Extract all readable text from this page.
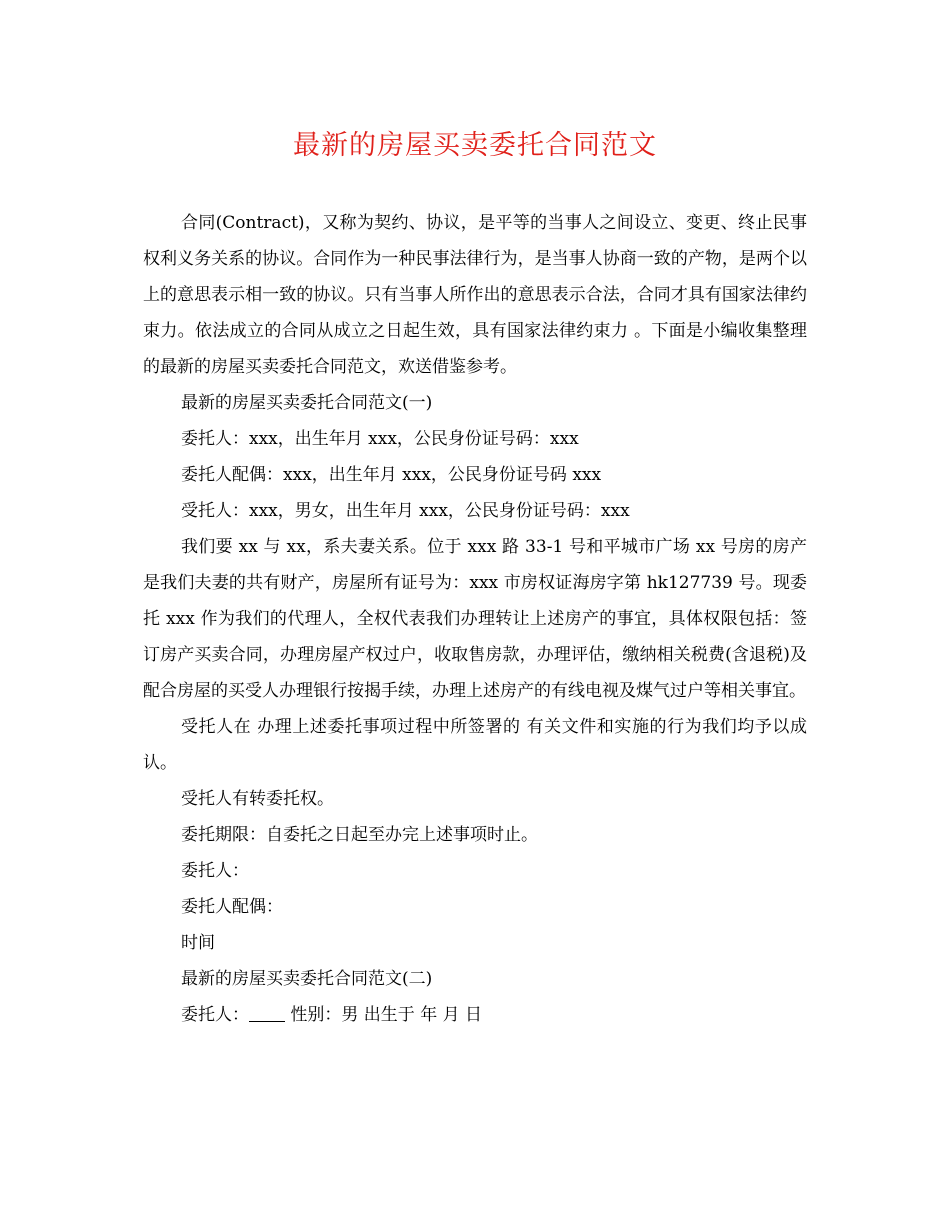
最新的房屋买卖委托合同范文

合同(Contract)，又称为契约、协议，是平等的当事人之间设立、变更、终止民事权利义务关系的协议。合同作为一种民事法律行为，是当事人协商一致的产物，是两个以上的意思表示相一致的协议。只有当事人所作出的意思表示合法，合同才具有国家法律约束力。依法成立的合同从成立之日起生效，具有国家法律约束力 。下面是小编收集整理的最新的房屋买卖委托合同范文，欢送借鉴参考。

最新的房屋买卖委托合同范文(一)

委托人：xxx，出生年月 xxx，公民身份证号码：xxx

委托人配偶：xxx，出生年月 xxx，公民身份证号码 xxx

受托人：xxx，男女，出生年月 xxx，公民身份证号码：xxx

我们要 xx 与 xx，系夫妻关系。位于 xxx 路 33-1 号和平城市广场 xx 号房的房产是我们夫妻的共有财产，房屋所有证号为：xxx 市房权证海房字第 hk127739 号。现委托 xxx 作为我们的代理人，全权代表我们办理转让上述房产的事宜，具体权限包括：签订房产买卖合同，办理房屋产权过户，收取售房款，办理评估，缴纳相关税费(含退税)及配合房屋的买受人办理银行按揭手续，办理上述房产的有线电视及煤气过户等相关事宜。

受托人在 办理上述委托事项过程中所签署的 有关文件和实施的行为我们均予以成认。

受托人有转委托权。

委托期限：自委托之日起至办完上述事项时止。

委托人：

委托人配偶：

时间

最新的房屋买卖委托合同范文(二)

委托人： 性别：男 出生于 年 月 日
